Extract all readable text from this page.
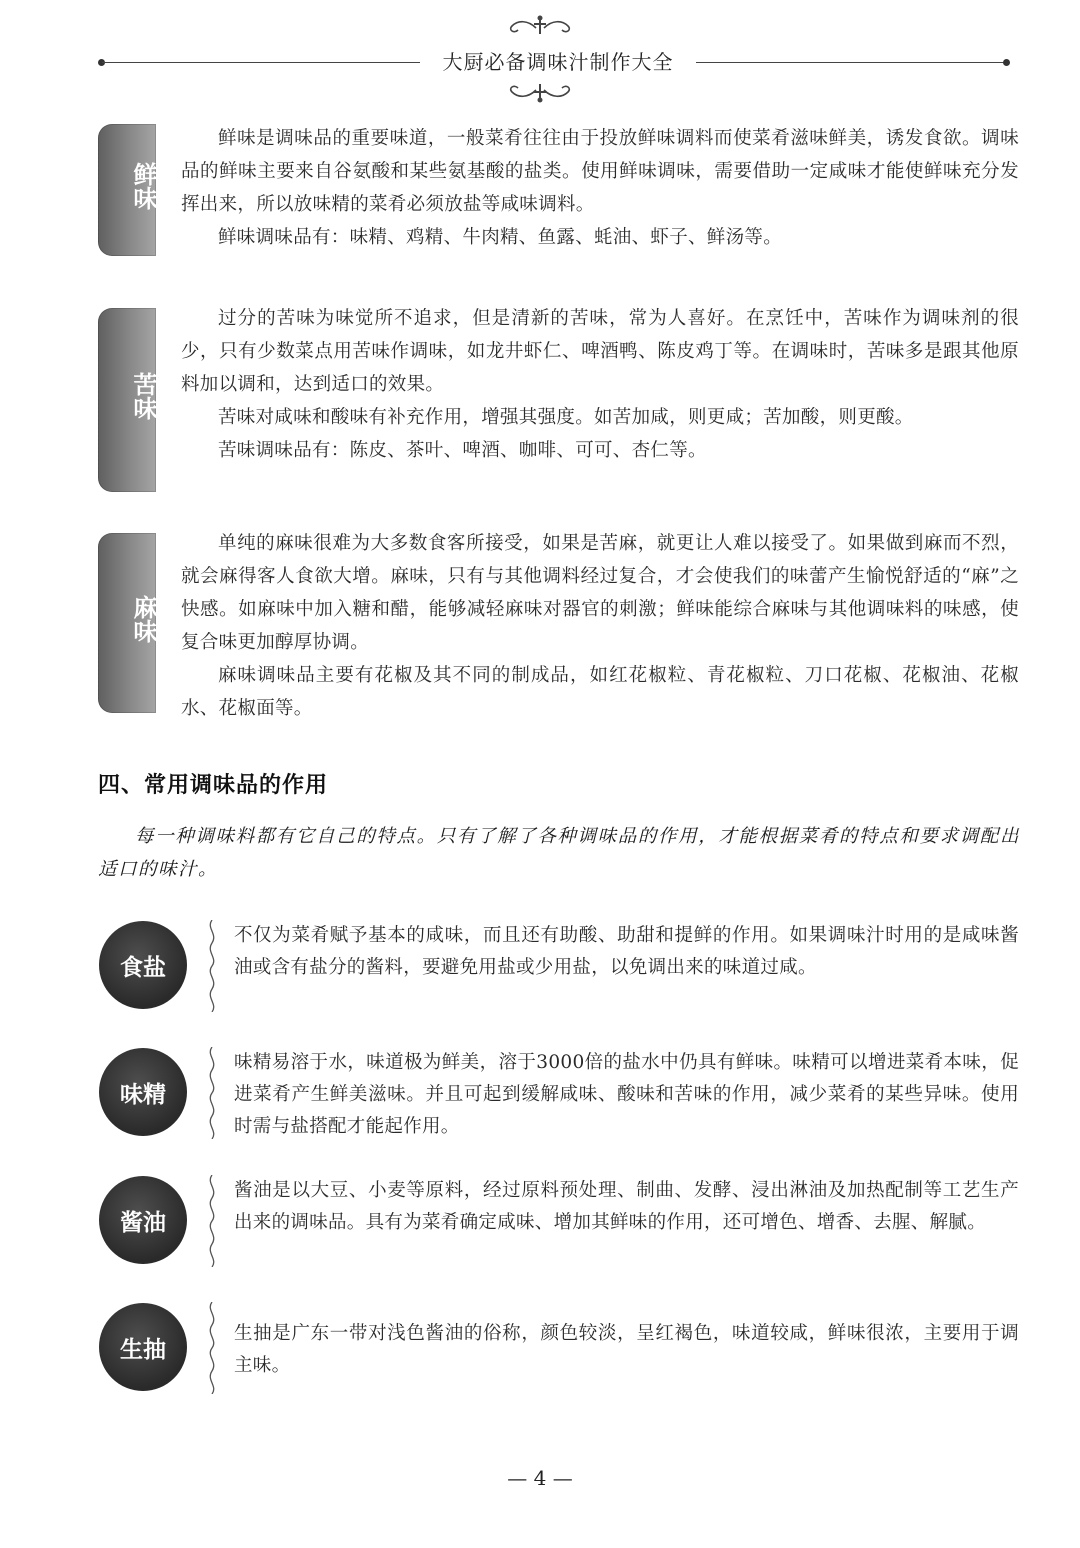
大厨必备调味汁制作大全
鲜味

鲜味是调味品的重要味道，一般菜肴往往由于投放鲜味调料而使菜肴滋味鲜美，诱发食欲。调味品的鲜味主要来自谷氨酸和某些氨基酸的盐类。使用鲜味调味，需要借助一定咸味才能使鲜味充分发挥出来，所以放味精的菜肴必须放盐等咸味调料。

鲜味调味品有：味精、鸡精、牛肉精、鱼露、蚝油、虾子、鲜汤等。

苦味

过分的苦味为味觉所不追求，但是清新的苦味，常为人喜好。在烹饪中，苦味作为调味剂的很少，只有少数菜点用苦味作调味，如龙井虾仁、啤酒鸭、陈皮鸡丁等。在调味时，苦味多是跟其他原料加以调和，达到适口的效果。

苦味对咸味和酸味有补充作用，增强其强度。如苦加咸，则更咸；苦加酸，则更酸。

苦味调味品有：陈皮、茶叶、啤酒、咖啡、可可、杏仁等。

麻味

单纯的麻味很难为大多数食客所接受，如果是苦麻，就更让人难以接受了。如果做到麻而不烈，就会麻得客人食欲大增。麻味，只有与其他调料经过复合，才会使我们的味蕾产生愉悦舒适的“麻”之快感。如麻味中加入糖和醋，能够减轻麻味对器官的刺激；鲜味能综合麻味与其他调味料的味感，使复合味更加醇厚协调。

麻味调味品主要有花椒及其不同的制成品，如红花椒粒、青花椒粒、刀口花椒、花椒油、花椒水、花椒面等。

四、常用调味品的作用

每一种调味料都有它自己的特点。只有了解了各种调味品的作用，才能根据菜肴的特点和要求调配出适口的味汁。

食盐
不仅为菜肴赋予基本的咸味，而且还有助酸、助甜和提鲜的作用。如果调味汁时用的是咸味酱油或含有盐分的酱料，要避免用盐或少用盐，以免调出来的味道过咸。
味精
味精易溶于水，味道极为鲜美，溶于3000倍的盐水中仍具有鲜味。味精可以增进菜肴本味，促进菜肴产生鲜美滋味。并且可起到缓解咸味、酸味和苦味的作用，减少菜肴的某些异味。使用时需与盐搭配才能起作用。
酱油
酱油是以大豆、小麦等原料，经过原料预处理、制曲、发酵、浸出淋油及加热配制等工艺生产出来的调味品。具有为菜肴确定咸味、增加其鲜味的作用，还可增色、增香、去腥、解腻。
生抽
生抽是广东一带对浅色酱油的俗称，颜色较淡，呈红褐色，味道较咸，鲜味很浓，主要用于调主味。
— 4 —
